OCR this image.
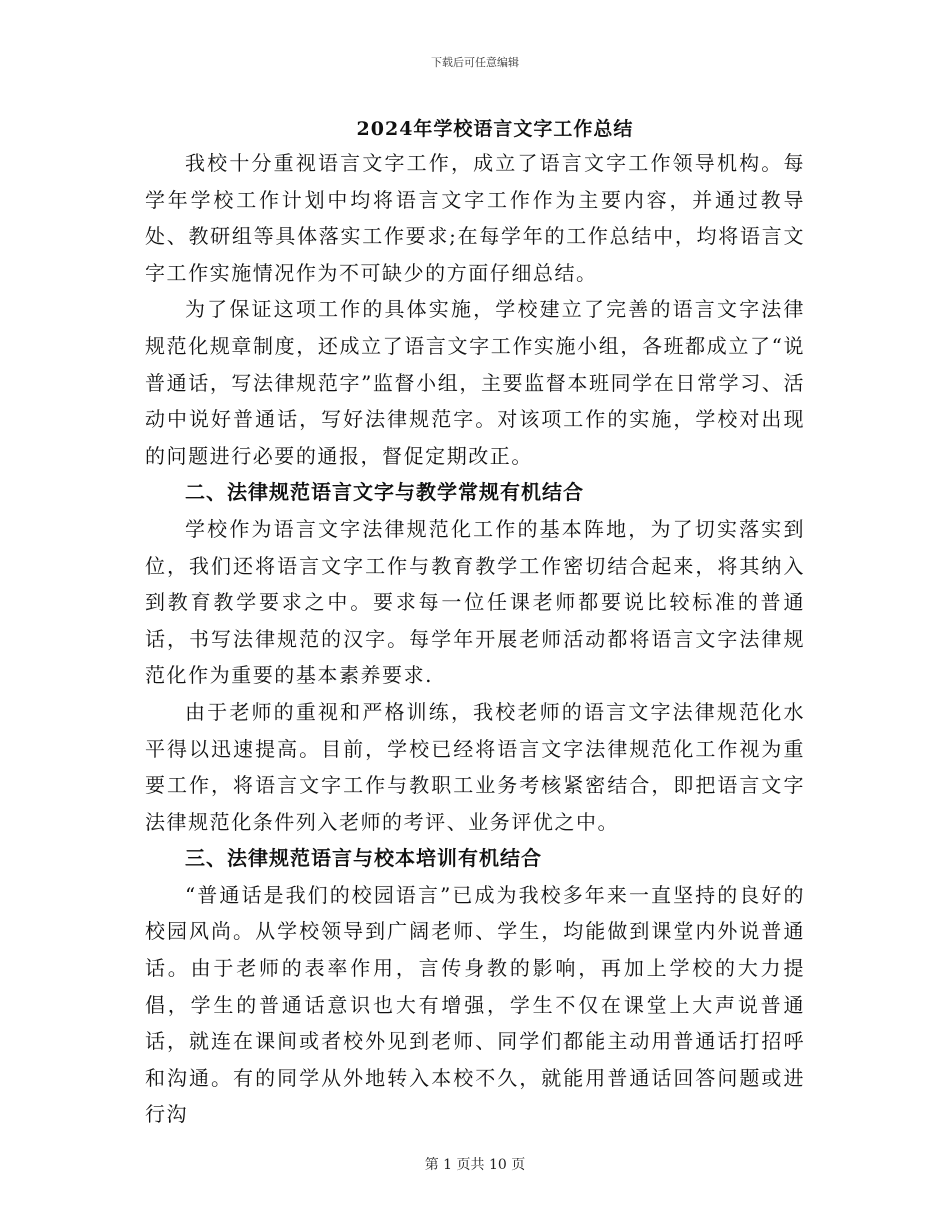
下载后可任意编辑
2024年学校语言文字工作总结

我校十分重视语言文字工作，成立了语言文字工作领导机构。每学年学校工作计划中均将语言文字工作作为主要内容，并通过教导处、教研组等具体落实工作要求;在每学年的工作总结中，均将语言文字工作实施情况作为不可缺少的方面仔细总结。

为了保证这项工作的具体实施，学校建立了完善的语言文字法律规范化规章制度，还成立了语言文字工作实施小组，各班都成立了“说普通话，写法律规范字”监督小组，主要监督本班同学在日常学习、活动中说好普通话，写好法律规范字。对该项工作的实施，学校对出现的问题进行必要的通报，督促定期改正。

二、法律规范语言文字与教学常规有机结合

学校作为语言文字法律规范化工作的基本阵地，为了切实落实到位，我们还将语言文字工作与教育教学工作密切结合起来，将其纳入到教育教学要求之中。要求每一位任课老师都要说比较标准的普通话，书写法律规范的汉字。每学年开展老师活动都将语言文字法律规范化作为重要的基本素养要求.

由于老师的重视和严格训练，我校老师的语言文字法律规范化水平得以迅速提高。目前，学校已经将语言文字法律规范化工作视为重要工作，将语言文字工作与教职工业务考核紧密结合，即把语言文字法律规范化条件列入老师的考评、业务评优之中。

三、法律规范语言与校本培训有机结合

“普通话是我们的校园语言”已成为我校多年来一直坚持的良好的校园风尚。从学校领导到广阔老师、学生，均能做到课堂内外说普通话。由于老师的表率作用，言传身教的影响，再加上学校的大力提倡，学生的普通话意识也大有增强，学生不仅在课堂上大声说普通话，就连在课间或者校外见到老师、同学们都能主动用普通话打招呼和沟通。有的同学从外地转入本校不久，就能用普通话回答问题或进行沟

第 1 页共 10 页
